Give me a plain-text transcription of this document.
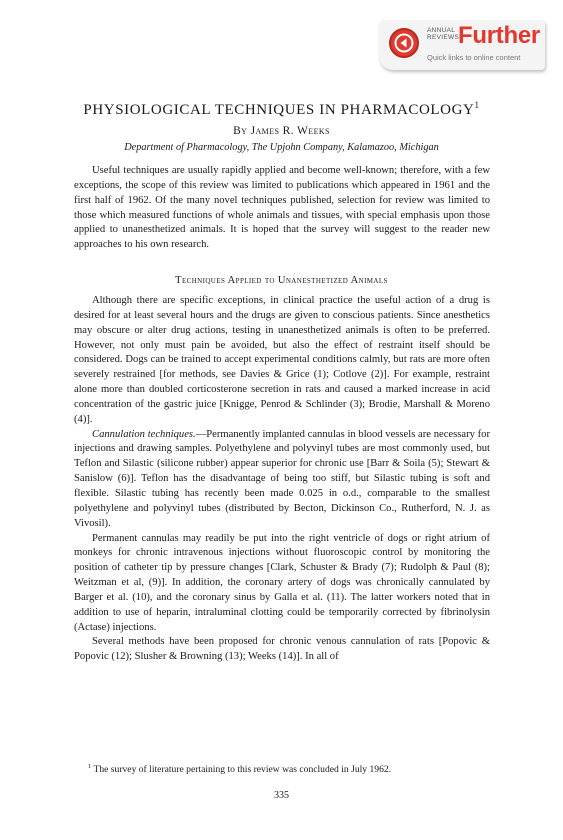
ANNUAL
REVIEWS
Further
Quick links to online content
PHYSIOLOGICAL TECHNIQUES IN PHARMACOLOGY$^1$
By James R. Weeks
Department of Pharmacology, The Upjohn Company, Kalamazoo, Michigan

Useful techniques are usually rapidly applied and become well-known; therefore, with a few exceptions, the scope of this review was limited to publications which appeared in 1961 and the first half of 1962. Of the many novel techniques published, selection for review was limited to those which measured functions of whole animals and tissues, with special emphasis upon those applied to unanesthetized animals. It is hoped that the survey will suggest to the reader new approaches to his own research.

Techniques Applied to Unanesthetized Animals

Although there are specific exceptions, in clinical practice the useful action of a drug is desired for at least several hours and the drugs are given to conscious patients. Since anesthetics may obscure or alter drug actions, testing in unanesthetized animals is often to be preferred. However, not only must pain be avoided, but also the effect of restraint itself should be considered. Dogs can be trained to accept experimental conditions calmly, but rats are more often severely restrained [for methods, see Davies & Grice (1); Cotlove (2)]. For example, restraint alone more than doubled corticosterone secretion in rats and caused a marked increase in acid concentration of the gastric juice [Knigge, Penrod & Schlinder (3); Brodie, Marshall & Moreno (4)].

Cannulation techniques.—Permanently implanted cannulas in blood vessels are necessary for injections and drawing samples. Polyethylene and polyvinyl tubes are most commonly used, but Teflon and Silastic (silicone rubber) appear superior for chronic use [Barr & Soila (5); Stewart & Sanislow (6)]. Teflon has the disadvantage of being too stiff, but Silastic tubing is soft and flexible. Silastic tubing has recently been made 0.025 in o.d., comparable to the smallest polyethylene and polyvinyl tubes (distributed by Becton, Dickinson Co., Rutherford, N. J. as Vivosil).

Permanent cannulas may readily be put into the right ventricle of dogs or right atrium of monkeys for chronic intravenous injections without fluoroscopic control by monitoring the position of catheter tip by pressure changes [Clark, Schuster & Brady (7); Rudolph & Paul (8); Weitzman et al, (9)]. In addition, the coronary artery of dogs was chronically cannulated by Barger et al. (10), and the coronary sinus by Galla et al. (11). The latter workers noted that in addition to use of heparin, intraluminal clotting could be temporarily corrected by fibrinolysin (Actase) injections.

Several methods have been proposed for chronic venous cannulation of rats [Popovic & Popovic (12); Slusher & Browning (13); Weeks (14)]. In all of

$^1$ The survey of literature pertaining to this review was concluded in July 1962.
335
